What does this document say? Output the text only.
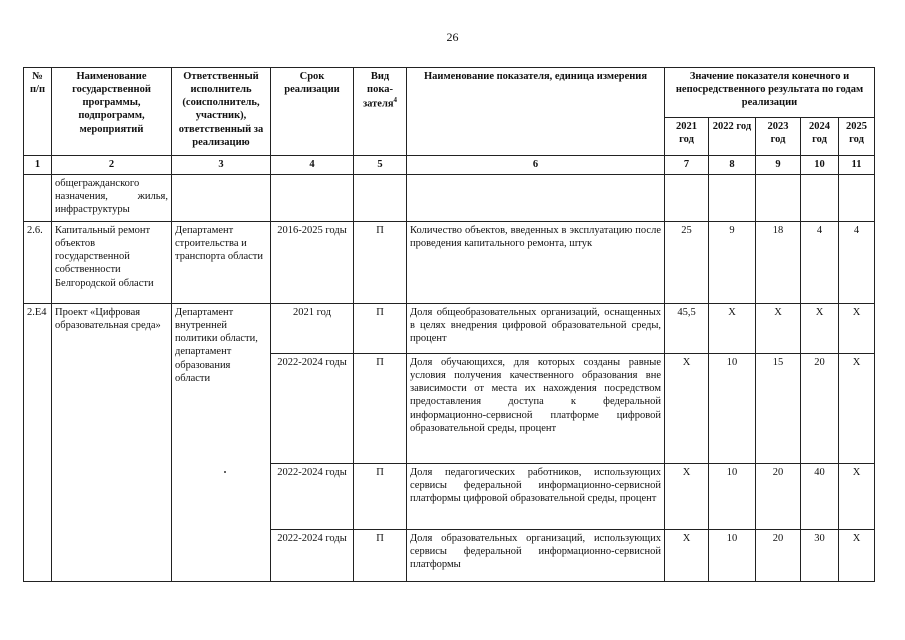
26
№ п/п	Наименование государственной программы, подпрограмм, мероприятий	Ответственный исполнитель (соисполнитель, участник), ответственный за реализацию	Срок реализации	Вид пока-зателя$^4$	Наименование показателя, единица измерения	Значение показателя конечного и непосредственного результата по годам реализации				
						2021 год	2022 год	2023 год	2024 год	2025 год
1	2	3	4	5	6	7	8	9	10	11
	общегражданского назначения, жилья, инфраструктуры									
2.6.	Капитальный ремонт объектов государственной собственности Белгородской области	Департамент строительства и транспорта области	2016-2025 годы	П	Количество объектов, введенных в эксплуатацию после проведения капитального ремонта, штук	25	9	18	4	4
2.Е4	Проект «Цифровая образовательная среда»	Департамент внутренней политики области, департамент образования области	2021 год	П	Доля общеобразовательных организаций, оснащенных в целях внедрения цифровой образовательной среды, процент	45,5	Х	Х	Х	Х
			2022-2024 годы	П	Доля обучающихся, для которых созданы равные условия получения качественного образования вне зависимости от места их нахождения посредством предоставления доступа к федеральной информационно-сервисной платформе цифровой образовательной среды, процент	Х	10	15	20	Х
			2022-2024 годы	П	Доля педагогических работников, использующих сервисы федеральной информационно-сервисной платформы цифровой образовательной среды, процент	Х	10	20	40	Х
			2022-2024 годы	П	Доля образовательных организаций, использующих сервисы федеральной информационно-сервисной платформы	Х	10	20	30	Х
